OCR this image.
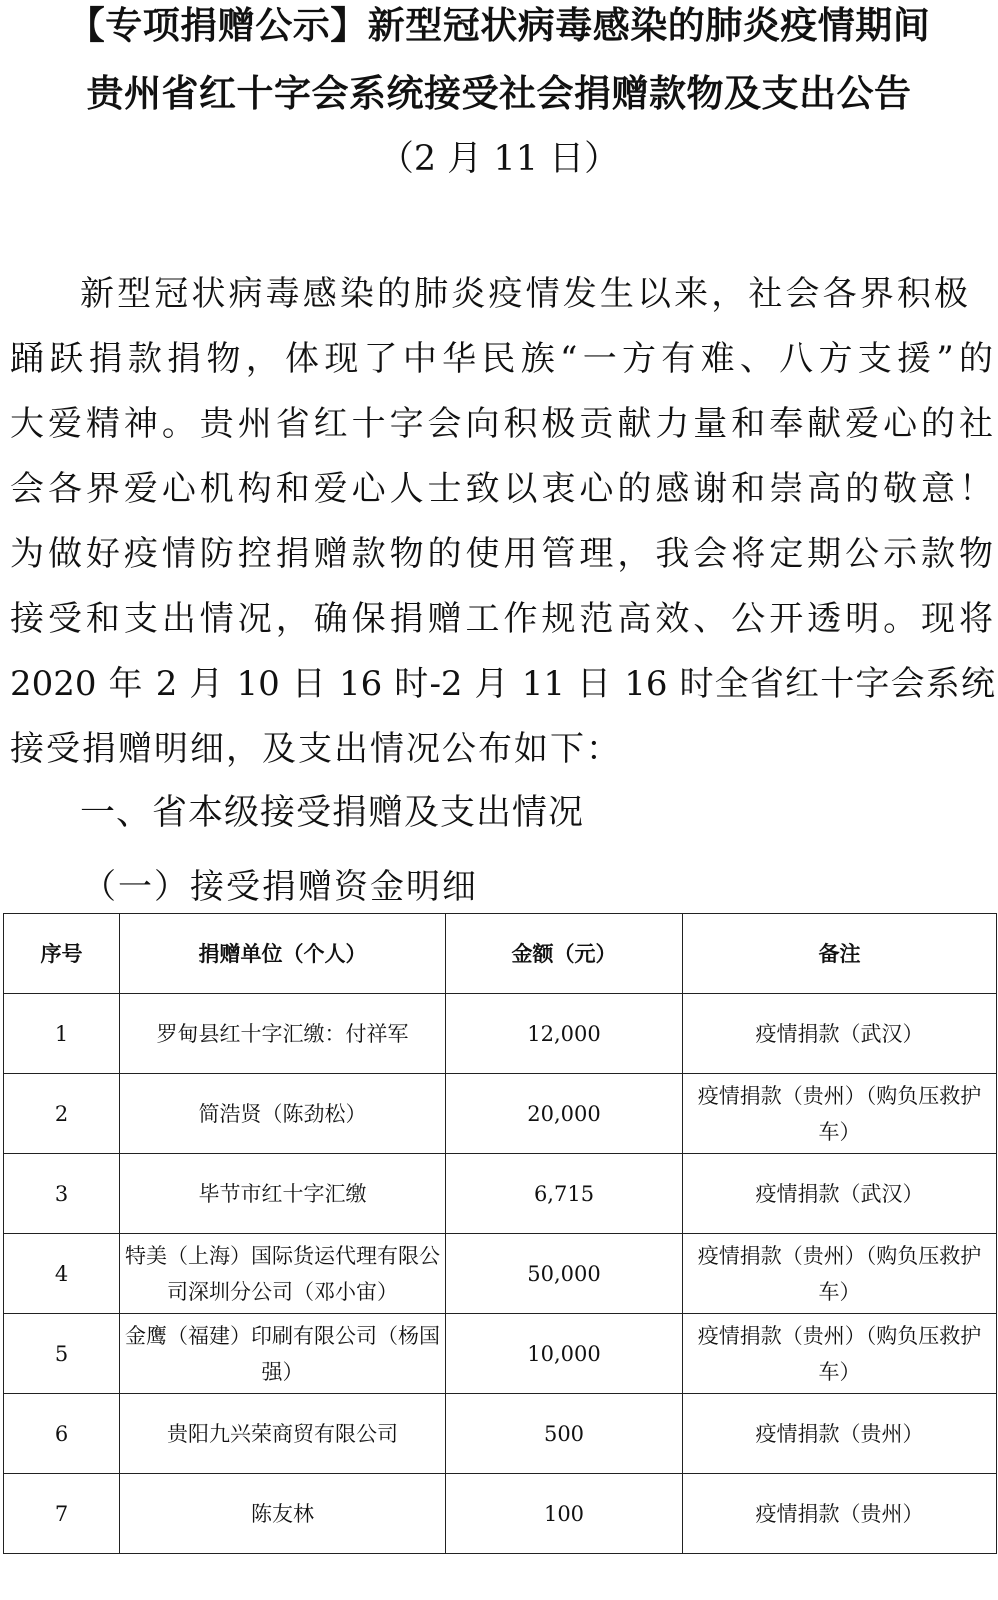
【专项捐赠公示】新型冠状病毒感染的肺炎疫情期间
贵州省红十字会系统接受社会捐赠款物及支出公告
（2 月 11 日）
新型冠状病毒感染的肺炎疫情发生以来，社会各界积极
踊跃捐款捐物，体现了中华民族“一方有难、八方支援”的
大爱精神。贵州省红十字会向积极贡献力量和奉献爱心的社
会各界爱心机构和爱心人士致以衷心的感谢和崇高的敬意！
为做好疫情防控捐赠款物的使用管理，我会将定期公示款物
接受和支出情况，确保捐赠工作规范高效、公开透明。现将
2020 年 2 月 10 日 16 时-2 月 11 日 16 时全省红十字会系统
接受捐赠明细，及支出情况公布如下：
一、省本级接受捐赠及支出情况
（一）接受捐赠资金明细
序号	捐赠单位（个人）	金额（元）	备注
1	罗甸县红十字汇缴：付祥军	12,000	疫情捐款（武汉）
2	简浩贤（陈劲松）	20,000	疫情捐款（贵州）（购负压救护车）
3	毕节市红十字汇缴	6,715	疫情捐款（武汉）
4	特美（上海）国际货运代理有限公司深圳分公司（邓小宙）	50,000	疫情捐款（贵州）（购负压救护车）
5	金鹰（福建）印刷有限公司（杨国强）	10,000	疫情捐款（贵州）（购负压救护车）
6	贵阳九兴荣商贸有限公司	500	疫情捐款（贵州）
7	陈友林	100	疫情捐款（贵州）
